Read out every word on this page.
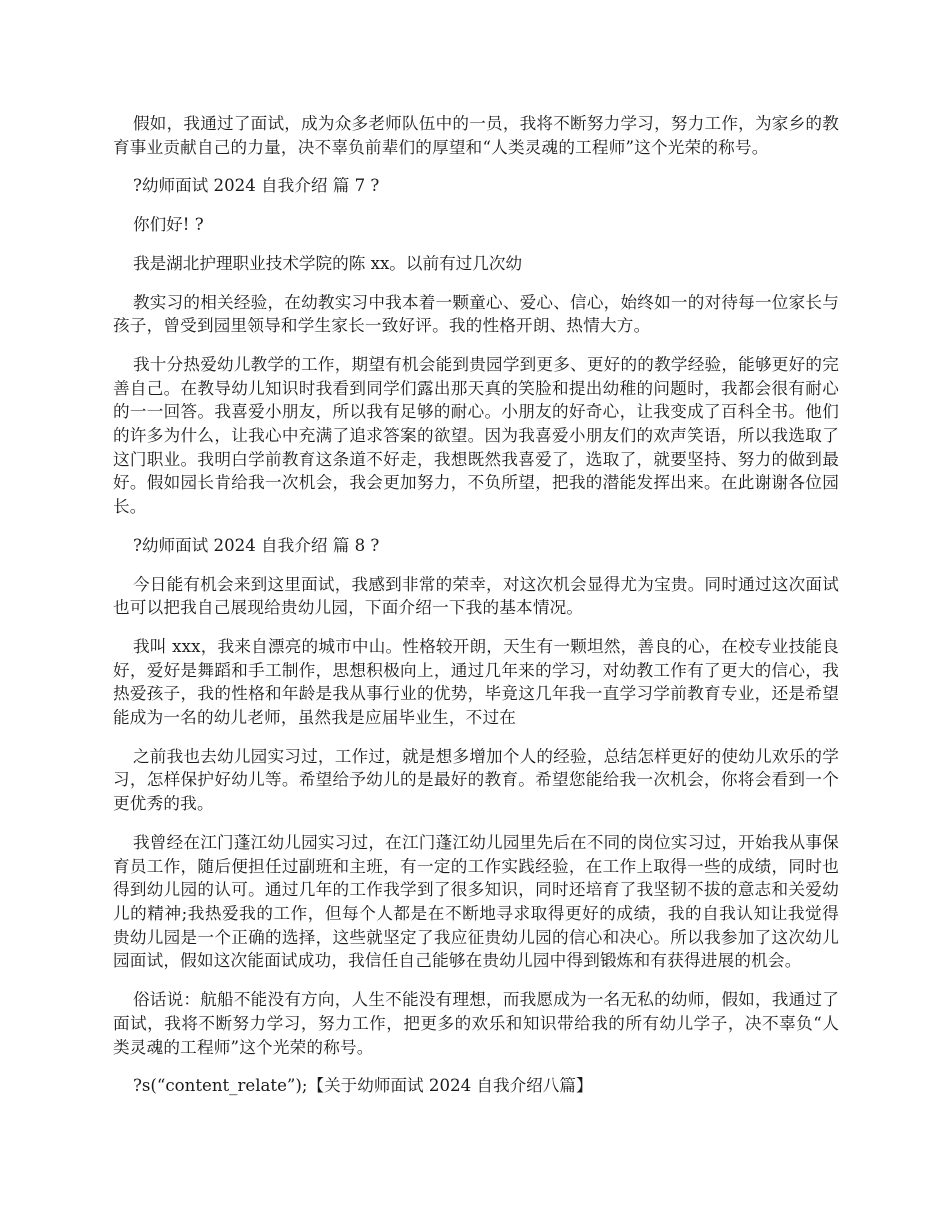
假如，我通过了面试，成为众多老师队伍中的一员，我将不断努力学习，努力工作，为家乡的教育事业贡献自己的力量，决不辜负前辈们的厚望和“人类灵魂的工程师”这个光荣的称号。

?幼师面试 2024 自我介绍 篇 7 ?

你们好! ?

我是湖北护理职业技术学院的陈 xx。以前有过几次幼

教实习的相关经验，在幼教实习中我本着一颗童心、爱心、信心，始终如一的对待每一位家长与孩子，曾受到园里领导和学生家长一致好评。我的性格开朗、热情大方。

我十分热爱幼儿教学的工作，期望有机会能到贵园学到更多、更好的的教学经验，能够更好的完善自己。在教导幼儿知识时我看到同学们露出那天真的笑脸和提出幼稚的问题时，我都会很有耐心的一一回答。我喜爱小朋友，所以我有足够的耐心。小朋友的好奇心，让我变成了百科全书。他们的许多为什么，让我心中充满了追求答案的欲望。因为我喜爱小朋友们的欢声笑语，所以我选取了这门职业。我明白学前教育这条道不好走，我想既然我喜爱了，选取了，就要坚持、努力的做到最好。假如园长肯给我一次机会，我会更加努力，不负所望，把我的潜能发挥出来。在此谢谢各位园长。

?幼师面试 2024 自我介绍 篇 8 ?

今日能有机会来到这里面试，我感到非常的荣幸，对这次机会显得尤为宝贵。同时通过这次面试也可以把我自己展现给贵幼儿园，下面介绍一下我的基本情况。

我叫 xxx，我来自漂亮的城市中山。性格较开朗，天生有一颗坦然，善良的心，在校专业技能良好，爱好是舞蹈和手工制作，思想积极向上，通过几年来的学习，对幼教工作有了更大的信心，我热爱孩子，我的性格和年龄是我从事行业的优势，毕竟这几年我一直学习学前教育专业，还是希望能成为一名的幼儿老师，虽然我是应届毕业生，不过在

之前我也去幼儿园实习过，工作过，就是想多增加个人的经验，总结怎样更好的使幼儿欢乐的学习，怎样保护好幼儿等。希望给予幼儿的是最好的教育。希望您能给我一次机会，你将会看到一个更优秀的我。

我曾经在江门蓬江幼儿园实习过，在江门蓬江幼儿园里先后在不同的岗位实习过，开始我从事保育员工作，随后便担任过副班和主班，有一定的工作实践经验，在工作上取得一些的成绩，同时也得到幼儿园的认可。通过几年的工作我学到了很多知识，同时还培育了我坚韧不拔的意志和关爱幼儿的精神;我热爱我的工作，但每个人都是在不断地寻求取得更好的成绩，我的自我认知让我觉得贵幼儿园是一个正确的选择，这些就坚定了我应征贵幼儿园的信心和决心。所以我参加了这次幼儿园面试，假如这次能面试成功，我信任自己能够在贵幼儿园中得到锻炼和有获得进展的机会。

俗话说：航船不能没有方向，人生不能没有理想，而我愿成为一名无私的幼师，假如，我通过了面试，我将不断努力学习，努力工作，把更多的欢乐和知识带给我的所有幼儿学子，决不辜负“人类灵魂的工程师”这个光荣的称号。

?s(“content_relate”);【关于幼师面试 2024 自我介绍八篇】
